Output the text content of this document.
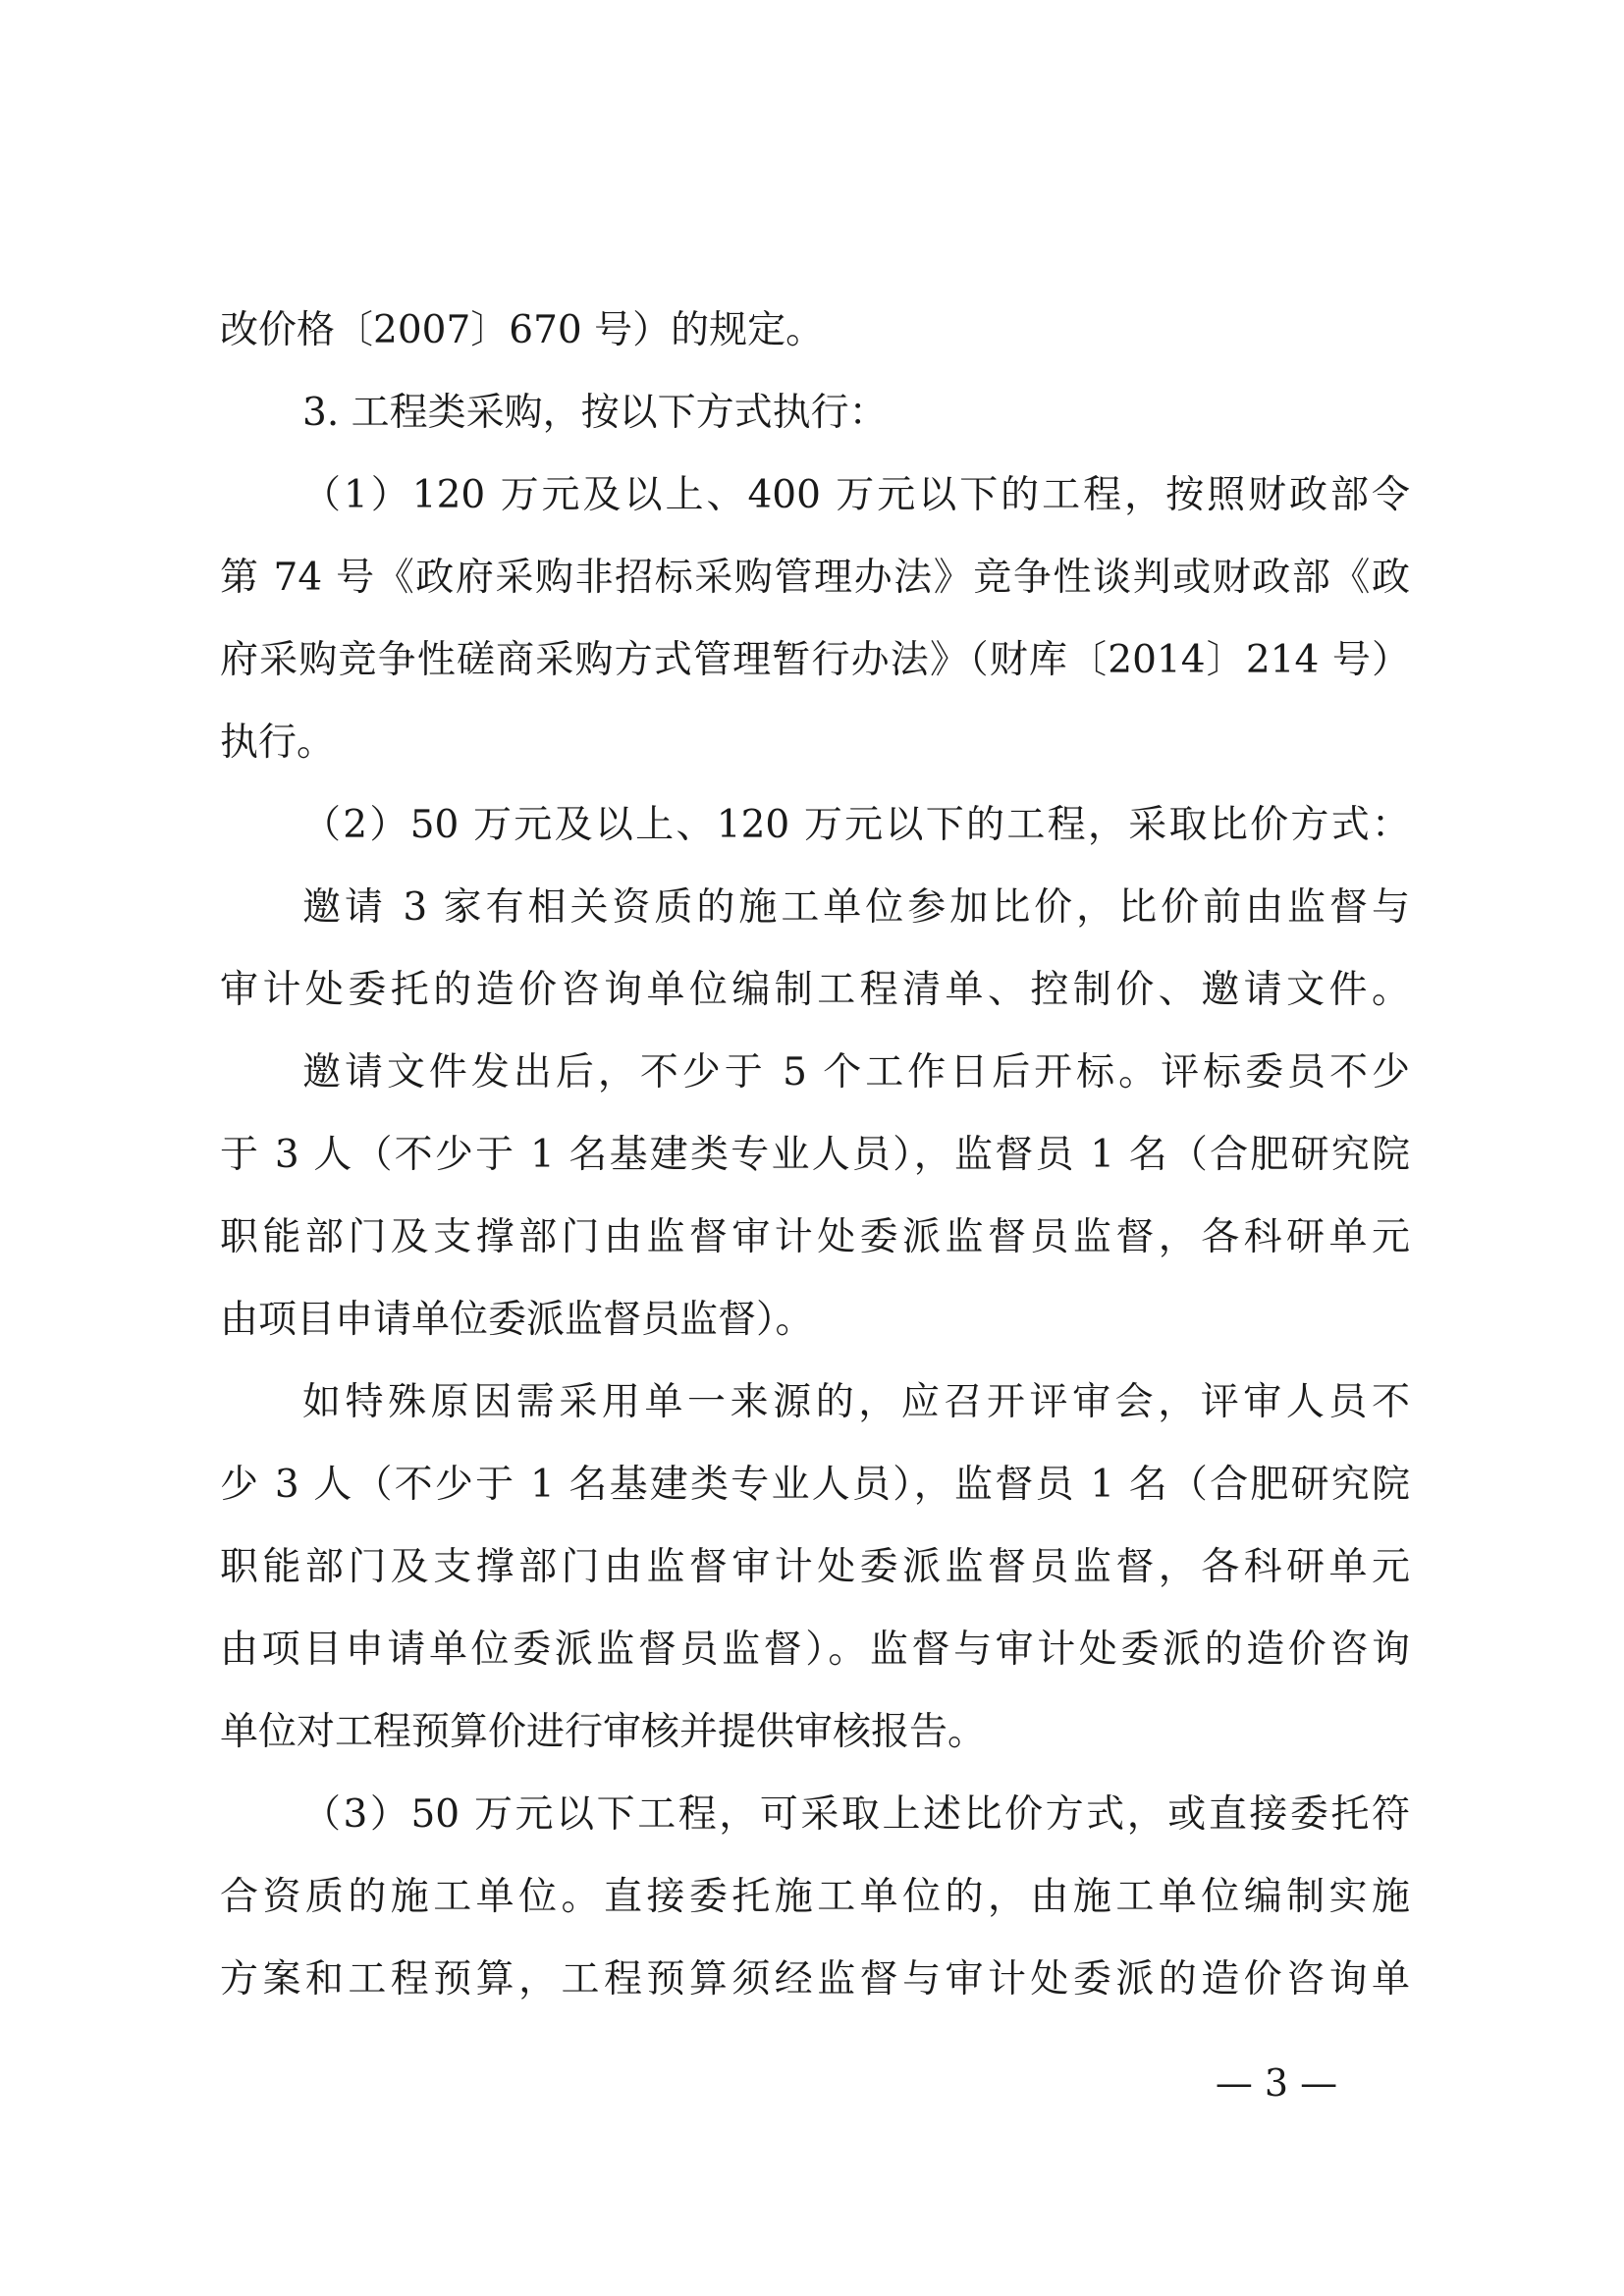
改价格〔2007〕670 号）的规定。
3. 工程类采购，按以下方式执行：
（1）120 万元及以上、400 万元以下的工程，按照财政部令
第 74 号《政府采购非招标采购管理办法》竞争性谈判或财政部《政
府采购竞争性磋商采购方式管理暂行办法》（财库〔2014〕214 号）
执行。
（2）50 万元及以上、120 万元以下的工程，采取比价方式：
邀请 3 家有相关资质的施工单位参加比价，比价前由监督与
审计处委托的造价咨询单位编制工程清单、控制价、邀请文件。
邀请文件发出后，不少于 5 个工作日后开标。评标委员不少
于 3 人（不少于 1 名基建类专业人员），监督员 1 名（合肥研究院
职能部门及支撑部门由监督审计处委派监督员监督，各科研单元
由项目申请单位委派监督员监督）。
如特殊原因需采用单一来源的，应召开评审会，评审人员不
少 3 人（不少于 1 名基建类专业人员），监督员 1 名（合肥研究院
职能部门及支撑部门由监督审计处委派监督员监督，各科研单元
由项目申请单位委派监督员监督）。监督与审计处委派的造价咨询
单位对工程预算价进行审核并提供审核报告。
（3）50 万元以下工程，可采取上述比价方式，或直接委托符
合资质的施工单位。直接委托施工单位的，由施工单位编制实施
方案和工程预算，工程预算须经监督与审计处委派的造价咨询单
— 3 —
